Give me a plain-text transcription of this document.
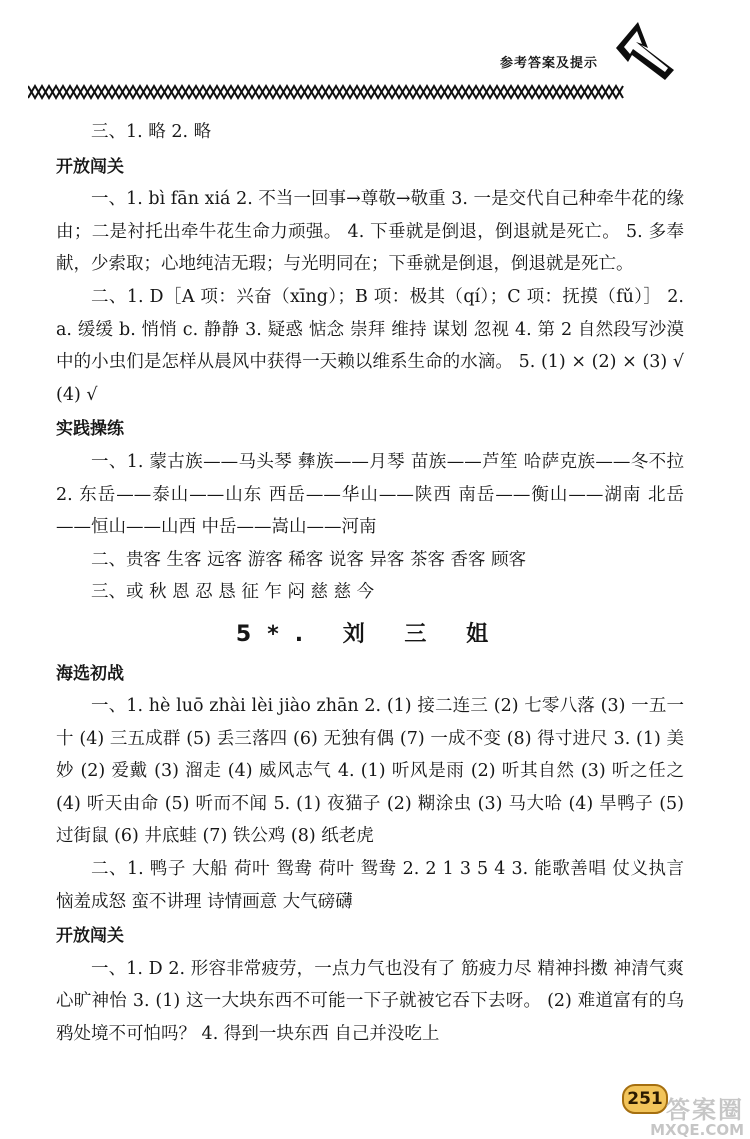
参考答案及提示

三、1. 略 2. 略

开放闯关

一、1. bì fān xiá 2. 不当一回事→尊敬→敬重 3. 一是交代自己种牵牛花的缘由；二是衬托出牵牛花生命力顽强。 4. 下垂就是倒退，倒退就是死亡。 5. 多奉献，少索取；心地纯洁无瑕；与光明同在；下垂就是倒退，倒退就是死亡。

二、1. D［A 项：兴奋（xīng）；B 项：极其（qí）；C 项：抚摸（fǔ）］ 2. a. 缓缓 b. 悄悄 c. 静静 3. 疑惑 惦念 崇拜 维持 谋划 忽视 4. 第 2 自然段写沙漠中的小虫们是怎样从晨风中获得一天赖以维系生命的水滴。 5. (1) × (2) × (3) √ (4) √

实践操练

一、1. 蒙古族——马头琴 彝族——月琴 苗族——芦笙 哈萨克族——冬不拉 2. 东岳——泰山——山东 西岳——华山——陕西 南岳——衡山——湖南 北岳——恒山——山西 中岳——嵩山——河南

二、贵客 生客 远客 游客 稀客 说客 异客 茶客 香客 顾客

三、或 秋 恩 忍 恳 征 乍 闷 慈 慈 今

5*. 刘 三 姐

海选初战

一、1. hè luō zhài lèi jiào zhān 2. (1) 接二连三 (2) 七零八落 (3) 一五一十 (4) 三五成群 (5) 丢三落四 (6) 无独有偶 (7) 一成不变 (8) 得寸进尺 3. (1) 美妙 (2) 爱戴 (3) 溜走 (4) 威风志气 4. (1) 听风是雨 (2) 听其自然 (3) 听之任之 (4) 听天由命 (5) 听而不闻 5. (1) 夜猫子 (2) 糊涂虫 (3) 马大哈 (4) 旱鸭子 (5) 过街鼠 (6) 井底蛙 (7) 铁公鸡 (8) 纸老虎

二、1. 鸭子 大船 荷叶 鸳鸯 荷叶 鸳鸯 2. 2 1 3 5 4 3. 能歌善唱 仗义执言 恼羞成怒 蛮不讲理 诗情画意 大气磅礴

开放闯关

一、1. D 2. 形容非常疲劳，一点力气也没有了 筋疲力尽 精神抖擞 神清气爽 心旷神怡 3. (1) 这一大块东西不可能一下子就被它吞下去呀。 (2) 难道富有的乌鸦处境不可怕吗？ 4. 得到一块东西 自己并没吃上

251 答案圈
MXQE.COM
